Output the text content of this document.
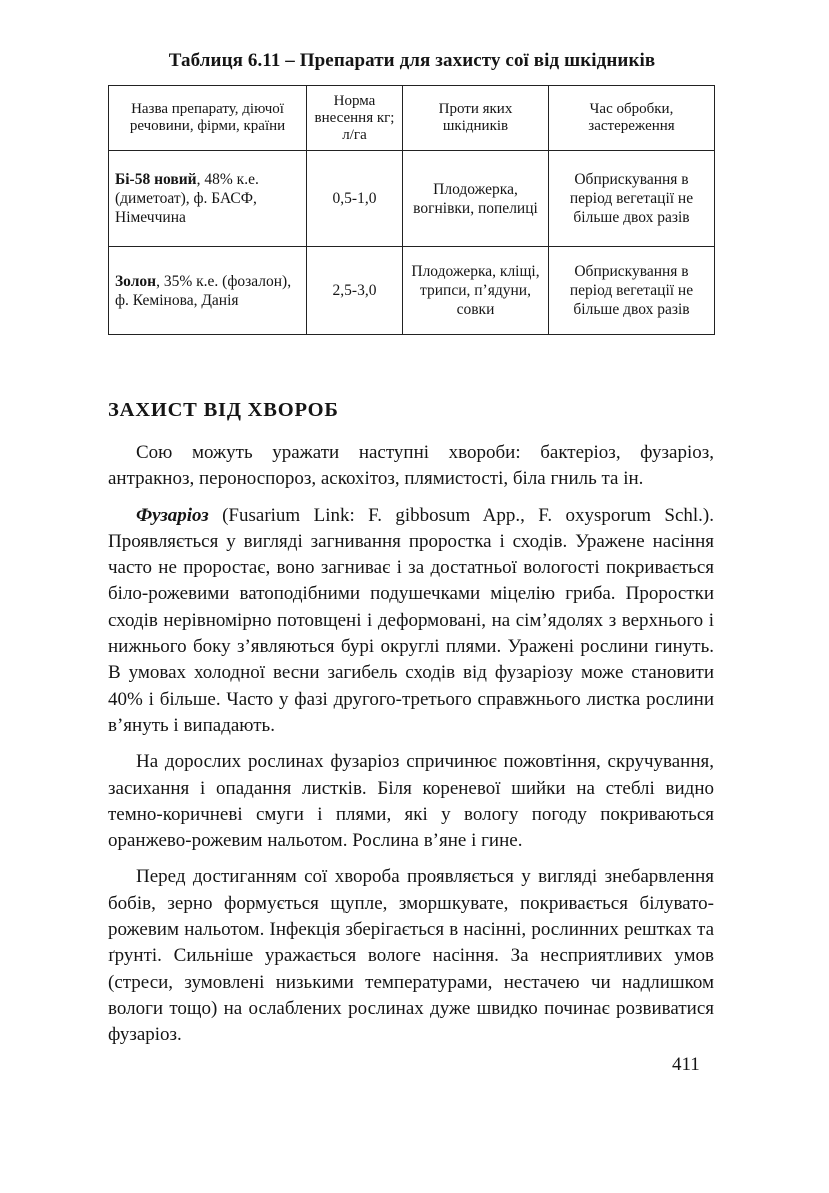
Таблиця 6.11 – Препарати для захисту сої від шкідників
Назва препарату, діючої речовини, фірми, країни	Норма внесення кг; л/га	Проти яких шкідників	Час обробки, застереження
Бі-58 новий, 48% к.е. (диметоат), ф. БАСФ, Німеччина	0,5-1,0	Плодожерка, вогнівки, попелиці	Обприскування в період вегетації не більше двох разів
Золон, 35% к.е. (фозалон), ф. Кемінова, Данія	2,5-3,0	Плодожерка, кліщі, трипси, п’ядуни, совки	Обприскування в період вегетації не більше двох разів
ЗАХИСТ ВІД ХВОРОБ

Сою можуть уражати наступні хвороби: бактеріоз, фузаріоз, антракноз, пероноспороз, аскохітоз, плямистості, біла гниль та ін.

Фузаріоз (Fusarium Link: F. gibbosum App., F. oxysporum Schl.). Проявляється у вигляді загнивання проростка і сходів. Уражене насіння часто не проростає, воно загниває і за достатньої вологості покривається біло-рожевими ватоподібними подушечками міцелію гриба. Проростки сходів нерівномірно потовщені і деформовані, на сім’ядолях з верхнього і нижнього боку з’являються бурі округлі плями. Уражені рослини гинуть. В умовах холодної весни загибель сходів від фузаріозу може становити 40% і більше. Часто у фазі другого-третього справжнього листка рослини в’януть і випадають.

На дорослих рослинах фузаріоз спричинює пожовтіння, скручування, засихання і опадання листків. Біля кореневої шийки на стеблі видно темно-коричневі смуги і плями, які у вологу погоду покриваються оранжево-рожевим нальотом. Рослина в’яне і гине.

Перед достиганням сої хвороба проявляється у вигляді знебарвлення бобів, зерно формується щупле, зморшкувате, покривається білувато-рожевим нальотом. Інфекція зберігається в насінні, рослинних рештках та ґрунті. Сильніше уражається вологе насіння. За несприятливих умов (стреси, зумовлені низькими температурами, нестачею чи надлишком вологи тощо) на ослаблених рослинах дуже швидко починає розвиватися фузаріоз.

411
